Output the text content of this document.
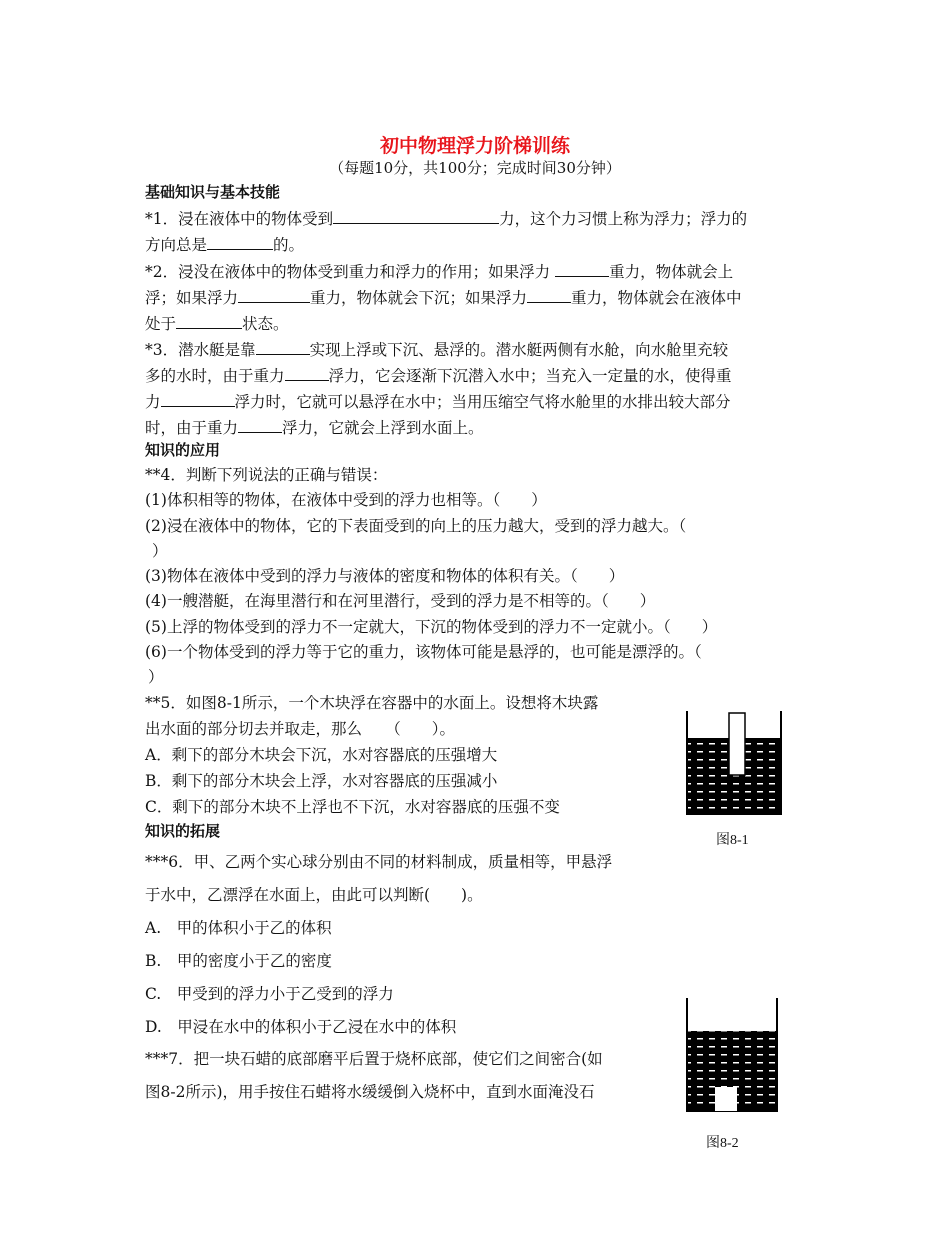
初中物理浮力阶梯训练
（每题10分，共100分；完成时间30分钟）
基础知识与基本技能
*1．浸在液体中的物体受到	力，这个力习惯上称为浮力；浮力的
方向总是	的。
*2．浸没在液体中的物体受到重力和浮力的作用；如果浮力	重力，物体就会上
浮；如果浮力	重力，物体就会下沉；如果浮力	重力，物体就会在液体中
处于	状态。
*3．潜水艇是靠	实现上浮或下沉、悬浮的。潜水艇两侧有水舱，向水舱里充较
多的水时，由于重力	浮力，它会逐渐下沉潜入水中；当充入一定量的水，使得重
力	浮力时，它就可以悬浮在水中；当用压缩空气将水舱里的水排出较大部分
时，由于重力	浮力，它就会上浮到水面上。
知识的应用
**4．判断下列说法的正确与错误：
(1)体积相等的物体，在液体中受到的浮力也相等。（　　）
(2)浸在液体中的物体，它的下表面受到的向上的压力越大，受到的浮力越大。（
）
(3)物体在液体中受到的浮力与液体的密度和物体的体积有关。（　　）
(4)一艘潜艇，在海里潜行和在河里潜行，受到的浮力是不相等的。（　　）
(5)上浮的物体受到的浮力不一定就大，下沉的物体受到的浮力不一定就小。（　　）
(6)一个物体受到的浮力等于它的重力，该物体可能是悬浮的，也可能是漂浮的。（
）
**5．如图8-1所示，一个木块浮在容器中的水面上。设想将木块露
出水面的部分切去并取走，那么　　（　　）。
A．剩下的部分木块会下沉，水对容器底的压强增大
B．剩下的部分木块会上浮，水对容器底的压强减小
C．剩下的部分木块不上浮也不下沉，水对容器底的压强不变
图8-1
知识的拓展
***6．甲、乙两个实心球分别由不同的材料制成，质量相等，甲悬浮
于水中，乙漂浮在水面上，由此可以判断(　　)。
A.　甲的体积小于乙的体积
B.　甲的密度小于乙的密度
C.　甲受到的浮力小于乙受到的浮力
D.　甲浸在水中的体积小于乙浸在水中的体积
***7．把一块石蜡的底部磨平后置于烧杯底部，使它们之间密合(如
图8-2所示)，用手按住石蜡将水缓缓倒入烧杯中，直到水面淹没石
图8-2
